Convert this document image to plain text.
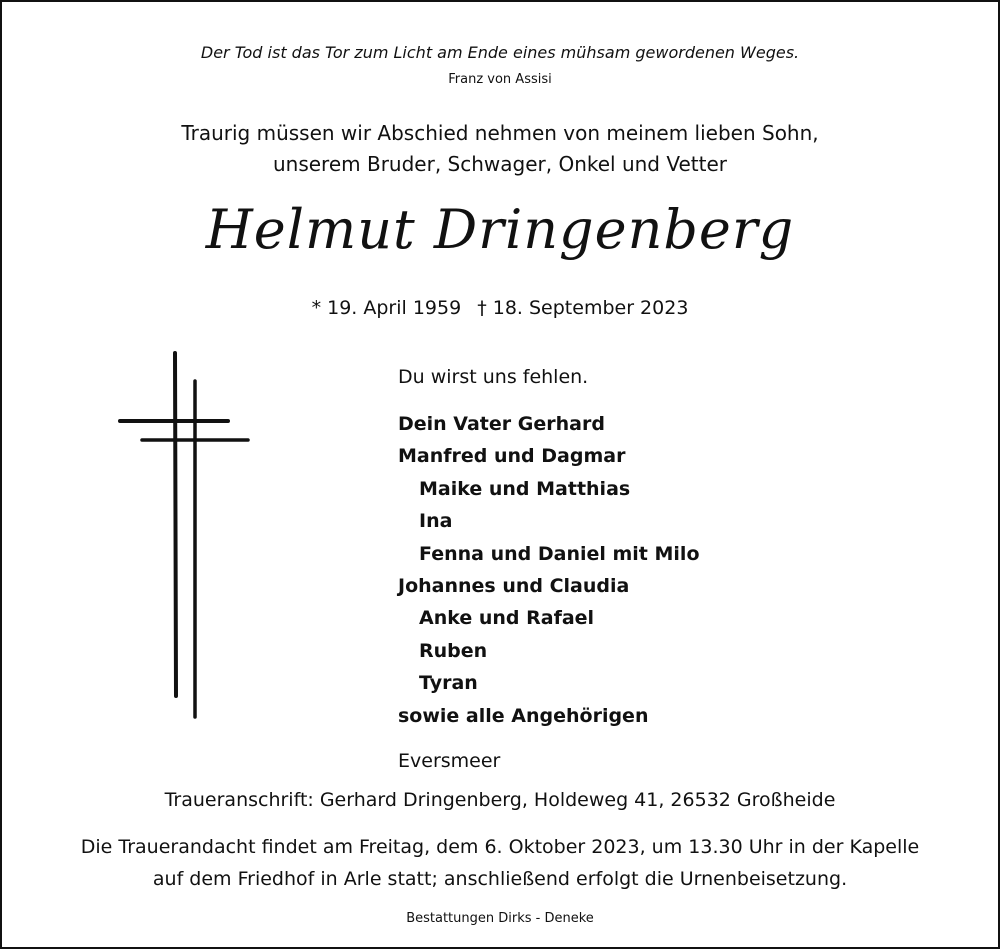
Der Tod ist das Tor zum Licht am Ende eines mühsam gewordenen Weges.
Franz von Assisi
Traurig müssen wir Abschied nehmen von meinem lieben Sohn,
unserem Bruder, Schwager, Onkel und Vetter
Helmut Dringenberg
* 19. April 1959 † 18. September 2023
Du wirst uns fehlen.
Dein Vater Gerhard
Manfred und Dagmar
Maike und Matthias
Ina
Fenna und Daniel mit Milo
Johannes und Claudia
Anke und Rafael
Ruben
Tyran
sowie alle Angehörigen
Eversmeer
Traueranschrift: Gerhard Dringenberg, Holdeweg 41, 26532 Großheide
Die Trauerandacht findet am Freitag, dem 6. Oktober 2023, um 13.30 Uhr in der Kapelle
auf dem Friedhof in Arle statt; anschließend erfolgt die Urnenbeisetzung.
Bestattungen Dirks - Deneke
